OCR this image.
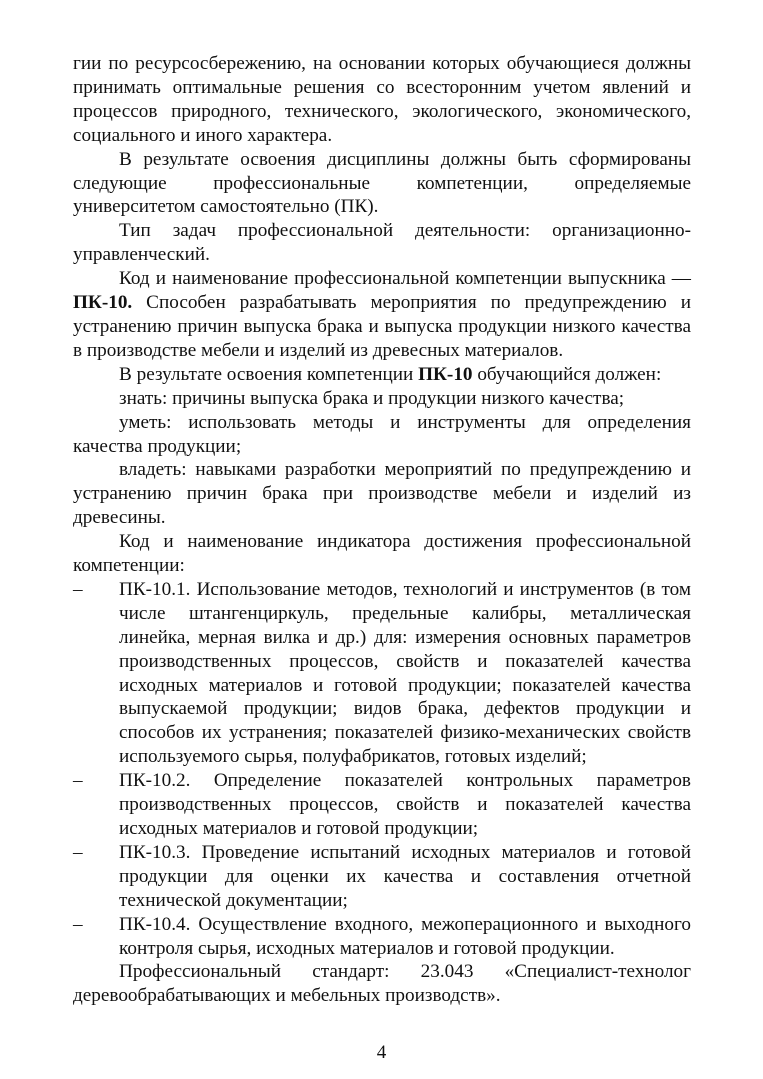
гии по ресурсосбережению, на основании которых обучающиеся должны принимать оптимальные решения со всесторонним учетом явлений и процессов природного, технического, экологического, экономического, социального и иного характера.

В результате освоения дисциплины должны быть сформированы следующие профессиональные компетенции, определяемые университетом самостоятельно (ПК).

Тип задач профессиональной деятельности: организационно-управленческий.

Код и наименование профессиональной компетенции выпускника — ПК-10. Способен разрабатывать мероприятия по предупреждению и устранению причин выпуска брака и выпуска продукции низкого качества в производстве мебели и изделий из древесных материалов.

В результате освоения компетенции ПК-10 обучающийся должен:

знать: причины выпуска брака и продукции низкого качества;

уметь: использовать методы и инструменты для определения качества продукции;

владеть: навыками разработки мероприятий по предупреждению и устранению причин брака при производстве мебели и изделий из древесины.

Код и наименование индикатора достижения профессиональной компетенции:

– ПК-10.1. Использование методов, технологий и инструментов (в том числе штангенциркуль, предельные калибры, металлическая линейка, мерная вилка и др.) для: измерения основных параметров производственных процессов, свойств и показателей качества исходных материалов и готовой продукции; показателей качества выпускаемой продукции; видов брака, дефектов продукции и способов их устранения; показателей физико-механических свойств используемого сырья, полуфабрикатов, готовых изделий;

– ПК-10.2. Определение показателей контрольных параметров производственных процессов, свойств и показателей качества исходных материалов и готовой продукции;

– ПК-10.3. Проведение испытаний исходных материалов и готовой продукции для оценки их качества и составления отчетной технической документации;

– ПК-10.4. Осуществление входного, межоперационного и выходного контроля сырья, исходных материалов и готовой продукции.

Профессиональный стандарт: 23.043 «Специалист-технолог деревообрабатывающих и мебельных производств».

4
